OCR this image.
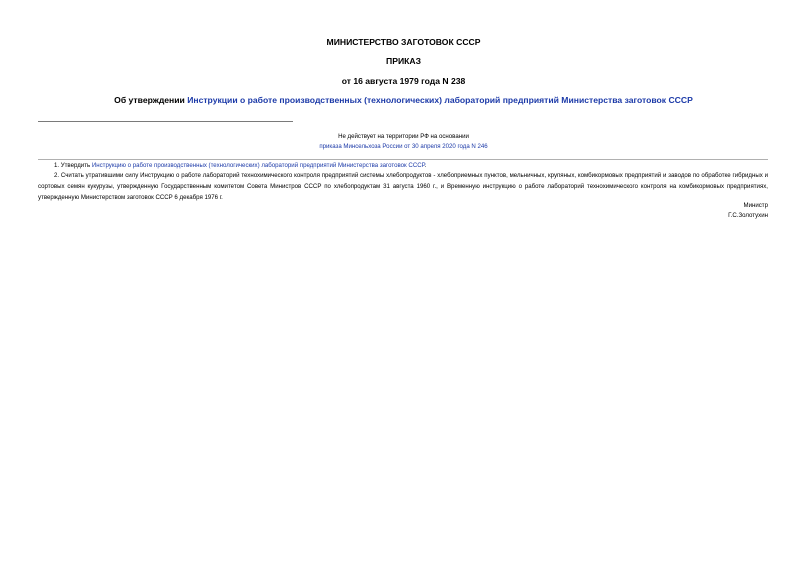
МИНИСТЕРСТВО ЗАГОТОВОК СССР
ПРИКАЗ
от 16 августа 1979 года N 238
Об утверждении Инструкции о работе производственных (технологических) лабораторий предприятий Министерства заготовок СССР
Не действует на территории РФ на основании
приказа Минсельхоза России от 30 апреля 2020 года N 246
1. Утвердить Инструкцию о работе производственных (технологических) лабораторий предприятий Министерства заготовок СССР.
2. Считать утратившими силу Инструкцию о работе лабораторий технохимического контроля предприятий системы хлебопродуктов - хлебоприемных пунктов, мельничных, крупяных, комбикормовых предприятий и заводов по обработке гибридных и сортовых семян кукурузы, утвержденную Государственным комитетом Совета Министров СССР по хлебопродуктам 31 августа 1960 г., и Временную инструкцию о работе лабораторий технохимического контроля на комбикормовых предприятиях, утвержденную Министерством заготовок СССР 6 декабря 1976 г.
Министр
Г.С.Золотухин
